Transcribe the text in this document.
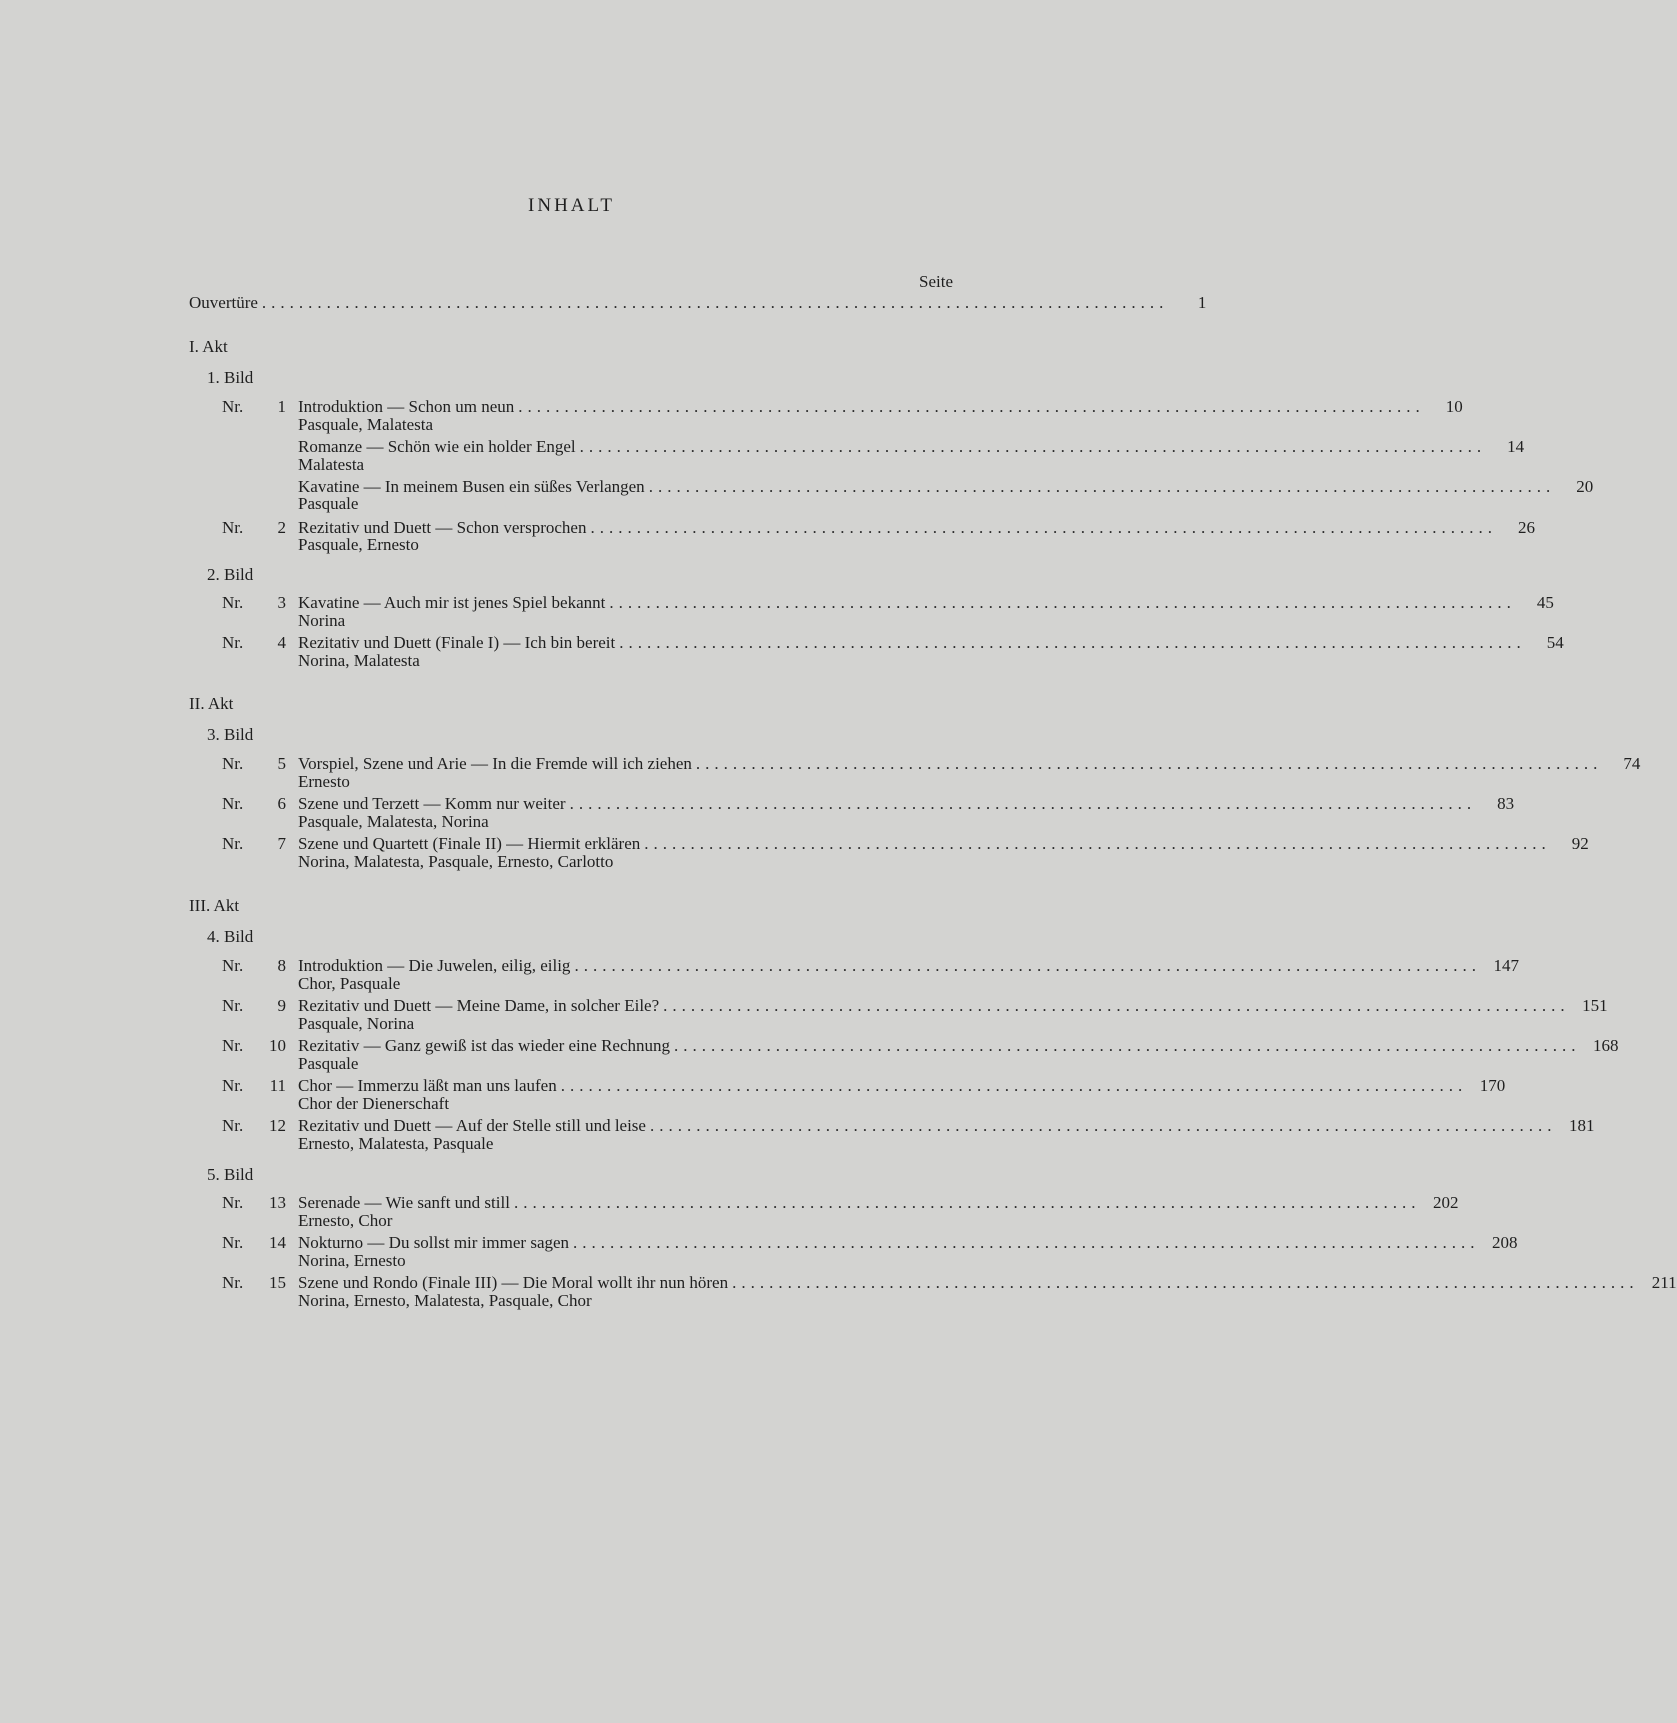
INHALT
Seite
Ouvertüre ..................................................................................................	1
I. Akt
1. Bild
Nr. 1 Introduktion — Schon um neun ..................................................................................................	10
Pasquale, Malatesta
Romanze — Schön wie ein holder Engel ..................................................................................................	14
Malatesta
Kavatine — In meinem Busen ein süßes Verlangen ..................................................................................................	20
Pasquale
Nr. 2 Rezitativ und Duett — Schon versprochen ..................................................................................................	26
Pasquale, Ernesto
2. Bild
Nr. 3 Kavatine — Auch mir ist jenes Spiel bekannt ..................................................................................................	45
Norina
Nr. 4 Rezitativ und Duett (Finale I) — Ich bin bereit ..................................................................................................	54
Norina, Malatesta
II. Akt
3. Bild
Nr. 5 Vorspiel, Szene und Arie — In die Fremde will ich ziehen ..................................................................................................	74
Ernesto
Nr. 6 Szene und Terzett — Komm nur weiter ..................................................................................................	83
Pasquale, Malatesta, Norina
Nr. 7 Szene und Quartett (Finale II) — Hiermit erklären ..................................................................................................	92
Norina, Malatesta, Pasquale, Ernesto, Carlotto
III. Akt
4. Bild
Nr. 8 Introduktion — Die Juwelen, eilig, eilig .................................................................................................. 147
Chor, Pasquale
Nr. 9 Rezitativ und Duett — Meine Dame, in solcher Eile? .................................................................................................. 151
Pasquale, Norina
Nr. 10 Rezitativ — Ganz gewiß ist das wieder eine Rechnung .................................................................................................. 168
Pasquale
Nr. 11 Chor — Immerzu läßt man uns laufen .................................................................................................. 170
Chor der Dienerschaft
Nr. 12 Rezitativ und Duett — Auf der Stelle still und leise .................................................................................................. 181
Ernesto, Malatesta, Pasquale
5. Bild
Nr. 13 Serenade — Wie sanft und still .................................................................................................. 202
Ernesto, Chor
Nr. 14 Nokturno — Du sollst mir immer sagen .................................................................................................. 208
Norina, Ernesto
Nr. 15 Szene und Rondo (Finale III) — Die Moral wollt ihr nun hören .................................................................................................. 211
Norina, Ernesto, Malatesta, Pasquale, Chor
